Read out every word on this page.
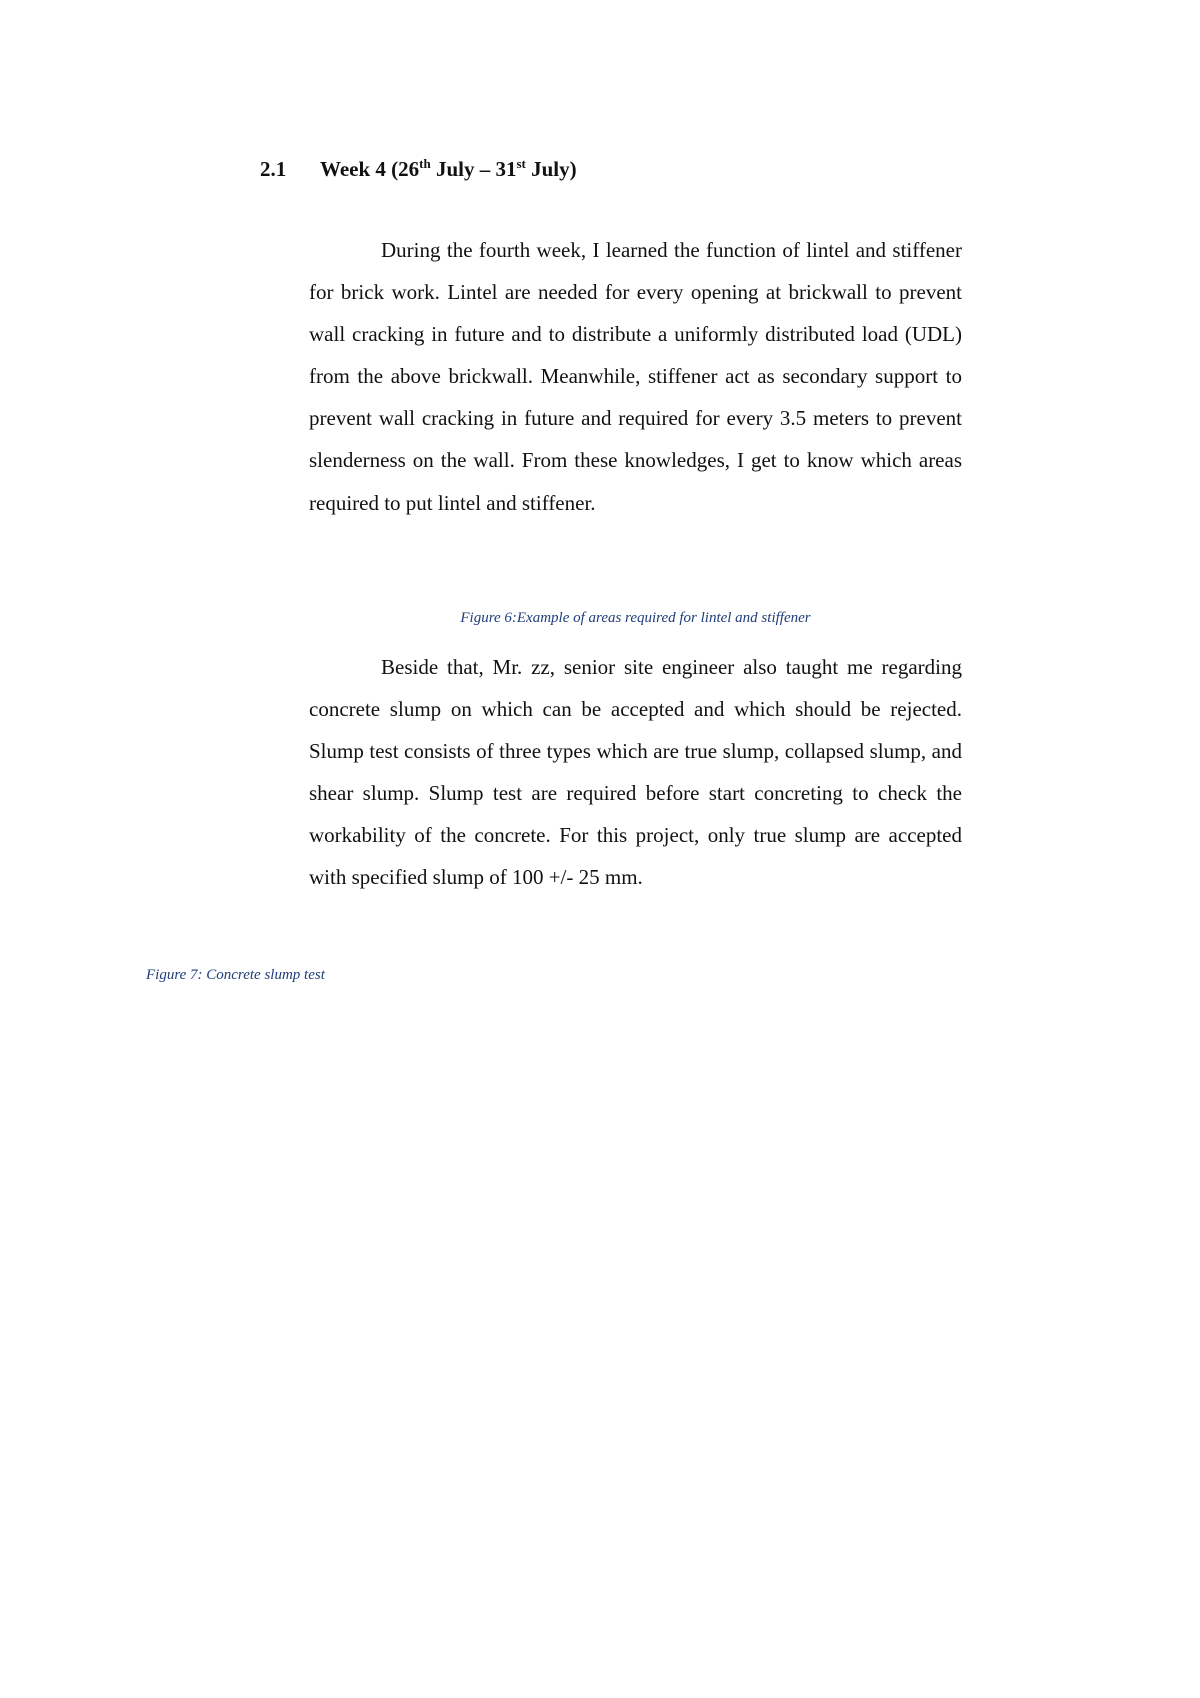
2.1 Week 4 (26th July – 31st July)

During the fourth week, I learned the function of lintel and stiffener for brick work. Lintel are needed for every opening at brickwall to prevent wall cracking in future and to distribute a uniformly distributed load (UDL) from the above brickwall. Meanwhile, stiffener act as secondary support to prevent wall cracking in future and required for every 3.5 meters to prevent slenderness on the wall. From these knowledges, I get to know which areas required to put lintel and stiffener.

Figure 6:Example of areas required for lintel and stiffener

Beside that, Mr. zz, senior site engineer also taught me regarding concrete slump on which can be accepted and which should be rejected. Slump test consists of three types which are true slump, collapsed slump, and shear slump. Slump test are required before start concreting to check the workability of the concrete. For this project, only true slump are accepted with specified slump of 100 +/- 25 mm.

Figure 7: Concrete slump test
